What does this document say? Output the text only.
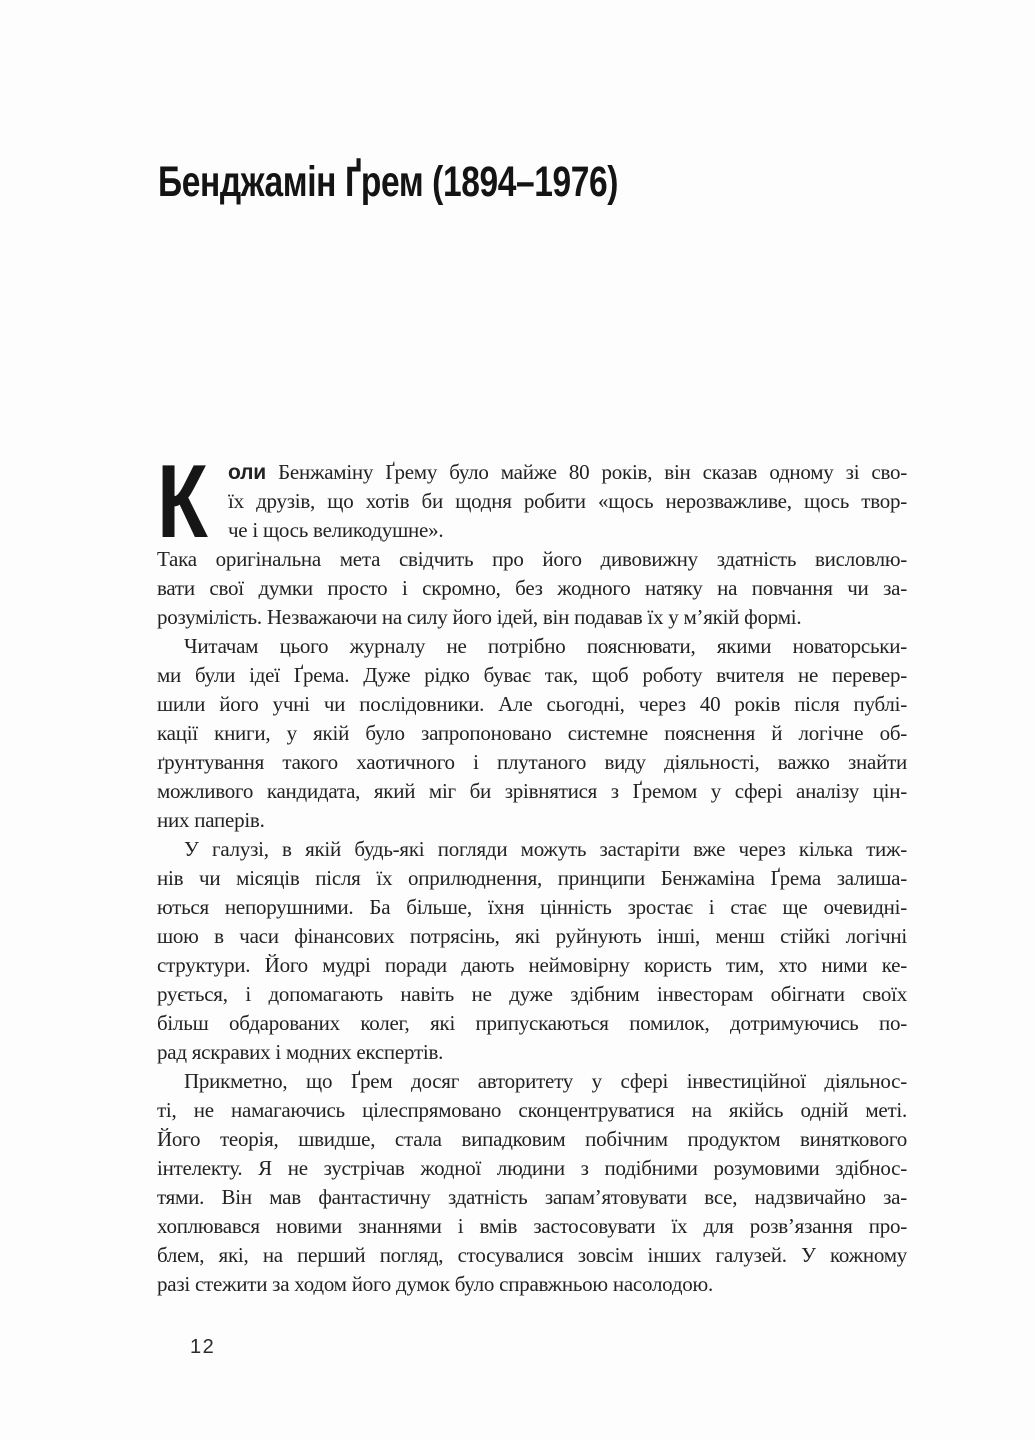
Бенджамін Ґрем (1894–1976)
К оли Бенжаміну Ґрему було майже 80 років, він сказав одному зі сво-
їх друзів, що хотів би щодня робити «щось нерозважливе, щось твор-
че і щось великодушне».
Така оригінальна мета свідчить про його дивовижну здатність висловлю-
вати свої думки просто і скромно, без жодного натяку на повчання чи за-
розумілість. Незважаючи на силу його ідей, він подавав їх у м’якій формі.
Читачам цього журналу не потрібно пояснювати, якими новаторськи-
ми були ідеї Ґрема. Дуже рідко буває так, щоб роботу вчителя не перевер-
шили його учні чи послідовники. Але сьогодні, через 40 років після публі-
кації книги, у якій було запропоновано системне пояснення й логічне об-
ґрунтування такого хаотичного і плутаного виду діяльності, важко знайти
можливого кандидата, який міг би зрівнятися з Ґремом у сфері аналізу цін-
них паперів.
У галузі, в якій будь-які погляди можуть застаріти вже через кілька тиж-
нів чи місяців після їх оприлюднення, принципи Бенжаміна Ґрема залиша-
ються непорушними. Ба більше, їхня цінність зростає і стає ще очевидні-
шою в часи фінансових потрясінь, які руйнують інші, менш стійкі логічні
структури. Його мудрі поради дають неймовірну користь тим, хто ними ке-
рується, і допомагають навіть не дуже здібним інвесторам обігнати своїх
більш обдарованих колег, які припускаються помилок, дотримуючись по-
рад яскравих і модних експертів.
Прикметно, що Ґрем досяг авторитету у сфері інвестиційної діяльнос-
ті, не намагаючись цілеспрямовано сконцентруватися на якійсь одній меті.
Його теорія, швидше, стала випадковим побічним продуктом виняткового
інтелекту. Я не зустрічав жодної людини з подібними розумовими здібнос-
тями. Він мав фантастичну здатність запам’ятовувати все, надзвичайно за-
хоплювався новими знаннями і вмів застосовувати їх для розв’язання про-
блем, які, на перший погляд, стосувалися зовсім інших галузей. У кожному
разі стежити за ходом його думок було справжньою насолодою.
12
